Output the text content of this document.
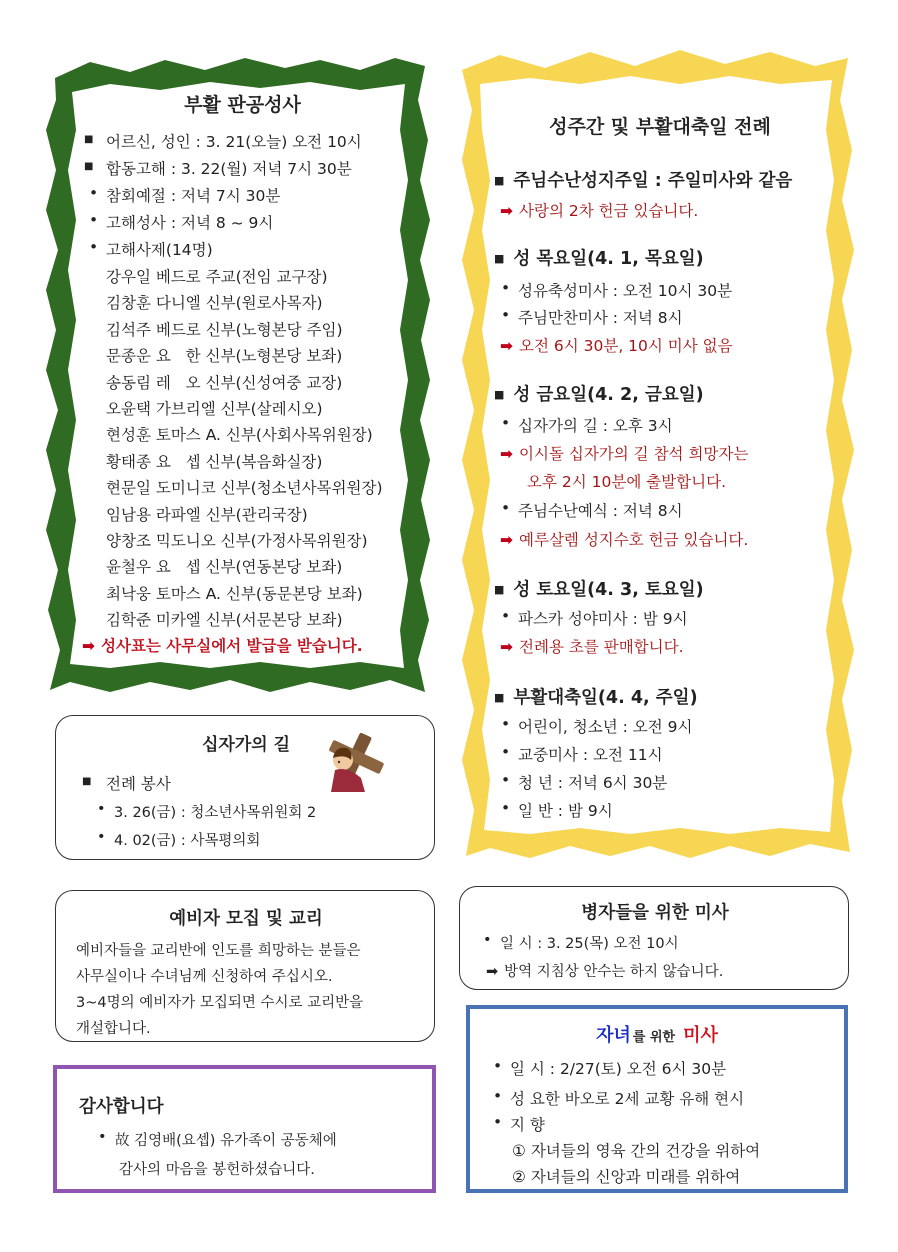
부활 판공성사
■ 어르신, 성인 : 3. 21(오늘) 오전 10시
■ 합동고해 : 3. 22(월) 저녁 7시 30분
• 참회예절 : 저녁 7시 30분
• 고해성사 : 저녁 8 ~ 9시
• 고해사제(14명)
강우일 베드로 주교(전임 교구장)
김창훈 다니엘 신부(원로사목자)
김석주 베드로 신부(노형본당 주임)
문종운 요   한 신부(노형본당 보좌)
송동림 레   오 신부(신성여중 교장)
오윤택 가브리엘 신부(살레시오)
현성훈 토마스 A. 신부(사회사목위원장)
황태종 요   셉 신부(복음화실장)
현문일 도미니코 신부(청소년사목위원장)
임남용 라파엘 신부(관리국장)
양창조 믹도니오 신부(가정사목위원장)
윤철우 요   셉 신부(연동본당 보좌)
최낙웅 토마스 A. 신부(동문본당 보좌)
김학준 미카엘 신부(서문본당 보좌)
➡ 성사표는 사무실에서 발급을 받습니다.
성주간 및 부활대축일 전례
■ 주님수난성지주일 : 주일미사와 같음
➡ 사랑의 2차 헌금 있습니다.
■ 성 목요일(4. 1, 목요일)
• 성유축성미사 : 오전 10시 30분
• 주님만찬미사 : 저녁 8시
➡ 오전 6시 30분, 10시 미사 없음
■ 성 금요일(4. 2, 금요일)
• 십자가의 길 : 오후 3시
➡ 이시돌 십자가의 길 참석 희망자는
오후 2시 10분에 출발합니다.
• 주님수난예식 : 저녁 8시
➡ 예루살렘 성지수호 헌금 있습니다.
■ 성 토요일(4. 3, 토요일)
• 파스카 성야미사 : 밤 9시
➡ 전례용 초를 판매합니다.
■ 부활대축일(4. 4, 주일)
• 어린이, 청소년 : 오전 9시
• 교중미사 : 오전 11시
• 청 년 : 저녁 6시 30분
• 일 반 : 밤 9시
십자가의 길
■ 전례 봉사
• 3. 26(금) : 청소년사목위원회 2
• 4. 02(금) : 사목평의회
예비자 모집 및 교리
예비자들을 교리반에 인도를 희망하는 분들은
사무실이나 수녀님께 신청하여 주십시오.
3~4명의 예비자가 모집되면 수시로 교리반을
개설합니다.
감사합니다
• 故 김영배(요셉) 유가족이 공동체에
감사의 마음을 봉헌하셨습니다.
병자들을 위한 미사
• 일 시 : 3. 25(목) 오전 10시
➡ 방역 지침상 안수는 하지 않습니다.
자녀 를 위한 미사
• 일 시 : 2/27(토) 오전 6시 30분
• 성 요한 바오로 2세 교황 유해 현시
• 지 향
① 자녀들의 영육 간의 건강을 위하여
② 자녀들의 신앙과 미래를 위하여
